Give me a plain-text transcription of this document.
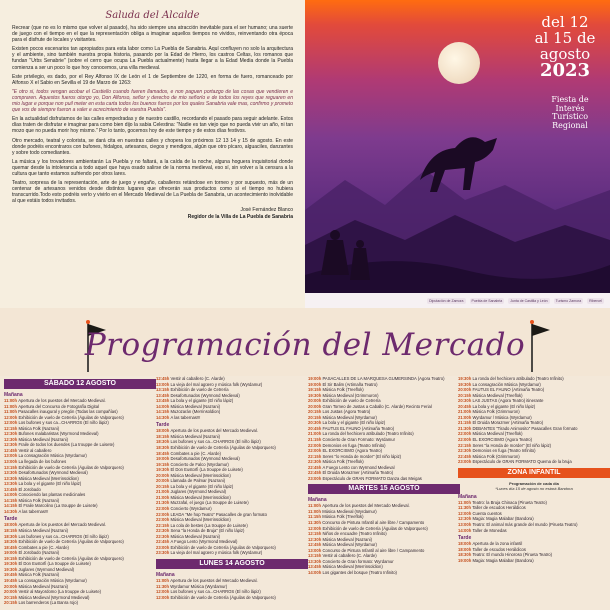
Saluda del Alcalde

Recrear (que no es lo mismo que volver al pasado), ha sido siempre una atracción inevitable para el ser humano; una suerte de juego con el tiempo en el que la representación obliga a imaginar aquellos tiempos no vividos, reinventando otra época para el disfrute de locales y visitantes.

Existen pocos escenarios tan apropiados para esta labor como La Puebla de Sanabria. Aquí confluyen no solo la arquitectura y el ambiente, sino también nuestra propia historia, pasando por la Edad de Hierro, los castros Celtas, los romanos que fundan "Urbs Senabrie" (sobre el cerro que ocupa La Puebla actualmente) hasta llegar a la Edad Media donde la Puebla comienza a ser un poco lo que hoy conocemos, una villa medieval.

Este privilegio, es dado, por el Rey Alfonso IX de León el 1 de Septiembre de 1220, en forma de fuero, romanceado por Alfonso X el Sabio en Sevilla el 19 de Marzo de 1263:

"E otro si, todos vengan acobar el Castiello cuando fueren llamados, e non paguen portazgo de las cosas que vendieren e compraren. Aquestos fueros otorgo yo, Don Alfonso, señor y derecho de mio señorío e de todos los reyes que reguaren en mio lugar e porque non puil meter en esta carta todos los buenos fueros por los quales Sanabria vale mas, confirmo y prometo que vos de siempre fueron a valer e acrecimiento de vuestra Puebla".

En la actualidad disfrutamos de las calles empedradas y de nuestro castillo, recordando el pasado para seguir adelante. Estos días traten de disfrutar e imaginar para como bien dijo la sabia Celestina: "Nadie es tan viejo que no pueda vivir un año, ni tan mozo que no pueda morir hoy mismo." Por lo tanto, gocemos hoy de este tiempo y de estos días festivos.

Otro mercado, teatral y colorista, se dará cita en nuestras calles y chopera los próximos 12 13 14 y 15 de agosto. En este donde podréis encontraros con bufones, hidalgos, artesanos, ciegos y mendigos, algún que otro pícaro, alguaciles, danzantes y sobre todo comediantes.

La música y los trovadores ambientarán La Puebla y no faltará, a la caída de la noche, alguna hoguera inquisitorial donde quemar desde la intolerancia a todo aquel que haya osado salirse de la norma medieval, eso sí, sin volver a la censura a la cultura que tanto estamos sufriendo por otros lares.

Teatro, sorpresa de la representación, arte de juego y engaño, caballeros retándose en torneo y por supuesto, más de un centenar de artesanos venidos desde distintos lugares que ofrecerán sus productos como si el tiempo no hubiera transcurrido.Todo esto podréis verlo y vivirlo en el Mercado Medieval de La Puebla de Sanabria, un acontecimiento inolvidable al que estáis todos invitados.

José Fernández Blanco

Regidor de la Villa de La Puebla de Sanabria

del 12
al 15 de
agosto
2023
Fiesta de
Interés
Turístico
Regional
Diputación de Zamora	Puebla de Sanabria	Junta de Castilla y León	Turismo Zamora	Ribercel
Programación del Mercado
SÁBADO 12 AGOSTO
Mañana
11:00h Apertura de los puestos del Mercado Medieval.
11:00h Apertura del Concurso de Fotografía Digital
11:00h Pasacalles inaugural y pregón (Todas las compañías)
12:00h Exhibición de vuelo de Cetrería (Águilas de Valporquero)
12:00h Los bufones y sus ca...CHARROS (El niño lápiz)
12:15h Música Folk (Nazrani)
12:30h Bufones malabaristas (Wyrmond Medieval)
12:30h Música Medieval (Nazrani)
12:30h Fraile de todos los duendes (La trouppe de Luisete)
12:45h Vestir al caballero
13:00h La consagración Música (Wyrdamur)
13:00h La llegada de los bufones
13:15h Exhibición de vuelo de Cetrería (Águilas de Valporquero)
13:30h Desafortunados (Wyrmond Medieval)
13:30h Música Medieval (Merrinsoldion)
13:30h La bola y el gigante (El niño lápiz)
13:45h El Jorobado
14:00h Conociendo las plantas medicinales
14:15h Música Folk (Nazrani)
14:15h El Fraile Marcolino (La trouppe de Luisete)
14:30h A las tabernas!!!
Tarde
18:00h Apertura de los puestos del Mercado Medieval.
18:15h Música Medieval (Nazrani)
18:30h Los bufones y sus ca...CHARROS (El niño lápiz)
18:30h Exhibición de vuelo de Cetrería (Águilas de Valporquero)
18:45h Combates a pie (C. Alarde)
19:00h El Jorobado (Nazrani)
19:15h Exhibición de vuelo de Cetrería (Águilas de Valporquero)
19:30h El Don Eustorfi (La trouppe de Luisete)
19:30h Juglares (Wyrmond Medieval)
19:45h Música Folk (Nazrani)
19:45h La consagración Música (Wyrdamur)
20:00h Música Medieval (Nazrani)
20:00h Vestir al Mayordomo (La trouppe de Luisete)
20:15h Música Medieval (Wyrmond Medieval)
20:15h Los barrenderos (La Banra rojo)
12:45h Vestir al caballero (C. Alarde)
13:00h La vieja del mal agüero y música folk (Wyrdamur)
13:15h Exhibición de vuelo de Cetrería
13:45h Desafortunados (Wyrmond Medieval)
13:45h La bola y el gigante (El niño lápiz)
14:00h Música Medieval (Nazrani)
14:15h Muzozarán (Merrinsoldion)
14:30h A las tabernas!!!
Tarde
18:00h Apertura de los puestos del Mercado Medieval.
18:15h Música Medieval (Nazrani)
18:30h Los bufones y sus ca...CHARROS (El niño lápiz)
18:30h Exhibición de vuelo de Cetrería (Águilas de Valporquero)
18:45h Combates a pie (C. Alarde)
19:00h Desafortunados (Wyrmond Medieval)
19:15h Concierto de Falco (Wyrdamur)
19:30h El Don Eustorfi (La trouppe de Luisete)
20:00h Música Medieval (Merrinsoldion)
20:00h Llamada de Palmar (Nazrani)
20:15h La bola y el gigante (El niño lápiz)
21:00h Juglares (Wyrmond Medieval)
21:00h Música Medieval (Merrinsoldion)
21:30h Muzzafal, el juego (La trouppe de Luisete)
22:00h Concierto (Wyrdamur)
22:00h LEADA "Me hop Teatro" Pasacalles de gran formato
22:00h Música Medieval (Merrinsoldion)
22:15h La cola de bestes (La trouppe de Luisete)
22:30h Sena "la Honda de Bruja" (El niño lápiz)
22:30h Música Medieval (Nazrani)
22:45h A Fuego Lento (Wyrmond Medieval)
23:00h Exhibición de vuelo de Cetrería (Águilas de Valporquero)
23:30h La vieja del mal agüero y música folk (Wyrdamur)
LUNES 14 AGOSTO
Mañana
11:00h Apertura de los puestos del Mercado Medieval.
11:30h Wyrdamur Música (Wyrdamur)
12:00h Los bufones y sus ca...CHARROS (El niño lápiz)
12:00h Exhibición de vuelo de Cetrería (Águilas de Valporquero)
19:00h PASACALLES DE LA MARQUESA GUMERSINDA (Agora Teatro)
19:00h El Sir Balim (Artimaña Teatro)
19:15h Música Folk (Treeflok)
19:30h Música Medieval (Grimmuron)
20:00h Exhibición de vuelo de Cetrería
20:00h Gran Torneo de Justas a Caballo (C. Alarde) Recinto Ferial
20:15h Los Justas (Agora Teatro)
20:15h Música Medieval (Wyrdamur)
20:30h La bola y el gigante (El niño lápiz)
20:45h FAUTUS EL FAUNO (Artimaña Teatro)
21:00h La ronda del hechicero atribulado (Teatro Infinito)
21:15h Concierto de Gran Formato: Wyrdamur
22:00h Demonios en fuga (Teatro Infinito)
22:00h EL EXORCISMO (Agora Teatro)
22:15h Seres "lo Honda de morder" (El niño lápiz)
22:30h Música Folk (Treeflok)
22:45h A Fuego Lento con Wyrmond Medieval
22:45h El Druida Morazmer (Artimaña Teatro)
23:00h Espectáculo de GRAN FORMATO Danza das Meigas
MARTES 15 AGOSTO
Mañana
11:00h Apertura de los puestos del Mercado Medieval.
11:00h Música Medieval (Wyrdamur)
11:15h Música Folk (Treeflok)
11:30h Concurso de Pintura Infantil al aire libre / Campamento
12:00h Exhibición de vuelo de Cetrería (Águilas de Valporquero)
12:15h Niños de encuadre (Teatro Infinito)
12:30h Música Medieval (Nazrani)
12:45h Música Medieval (Wyrdamur)
13:00h Concurso de Pintura Infantil al aire libre / Campamento
13:15h Vestir al caballero (C. Alarde)
13:30h Concierto de Gran formato: Wyrdamur
13:45h Música Medieval (Merrinsoldion)
14:00h Los gigantes del bosque (Teatro Infinito)
19:30h La ronda del hechicero atribulado (Teatro Infinito)
19:30h La consagración Música (Wyrdamur)
20:00h FAUTUS EL FAUNO (Artimaña Teatro)
20:15h Música Medieval (Treeflok)
20:30h LAS JUSTAS (Agora Teatro) itinerante
20:45h La bola y el gigante (El niño lápiz)
21:00h Música Folk (Grimmuron)
21:00h Wyrdamur / Música (Wyrdamur)
21:15h El Druida Morazmer (Artimaña Teatro)
21:30h DEBANTES "Tirado Animosito" Pasacalles Gran formato
22:00h Música Medieval (Treeflok)
22:00h EL EXORCISMO (Agora Teatro)
22:15h Seres "la Honda de morder" (El niño lápiz)
22:30h Demonios en fuga (Teatro Infinito)
22:45h Música Folk (Grimmuron)
23:00h Espectáculo de GRAN FORMATO Quema de la bruja
ZONA INFANTIL
Programación de cada día
*Lunes día 15 de agosto no estará Bandora
Mañana
11:00h Teatro: la Bruja Chinaca (Pirueta Teatro)
11:30h Taller de escudos Heráldicos
12:00h Cuenta cuentos
12:30h Magia: Magia Malabar (Bandora)
13:00h Teatro: El animal más grande del mundo (Pirueta Teatro)
14:00h Taller de Monedas
Tarde
18:00h Apertura de la zona infantil
18:00h Taller de escudos Heráldicos
18:30h Teatro: El mundo Hinoroso (Pirueta Teatro)
19:00h Magia: Magia Malabar (Bandora)
